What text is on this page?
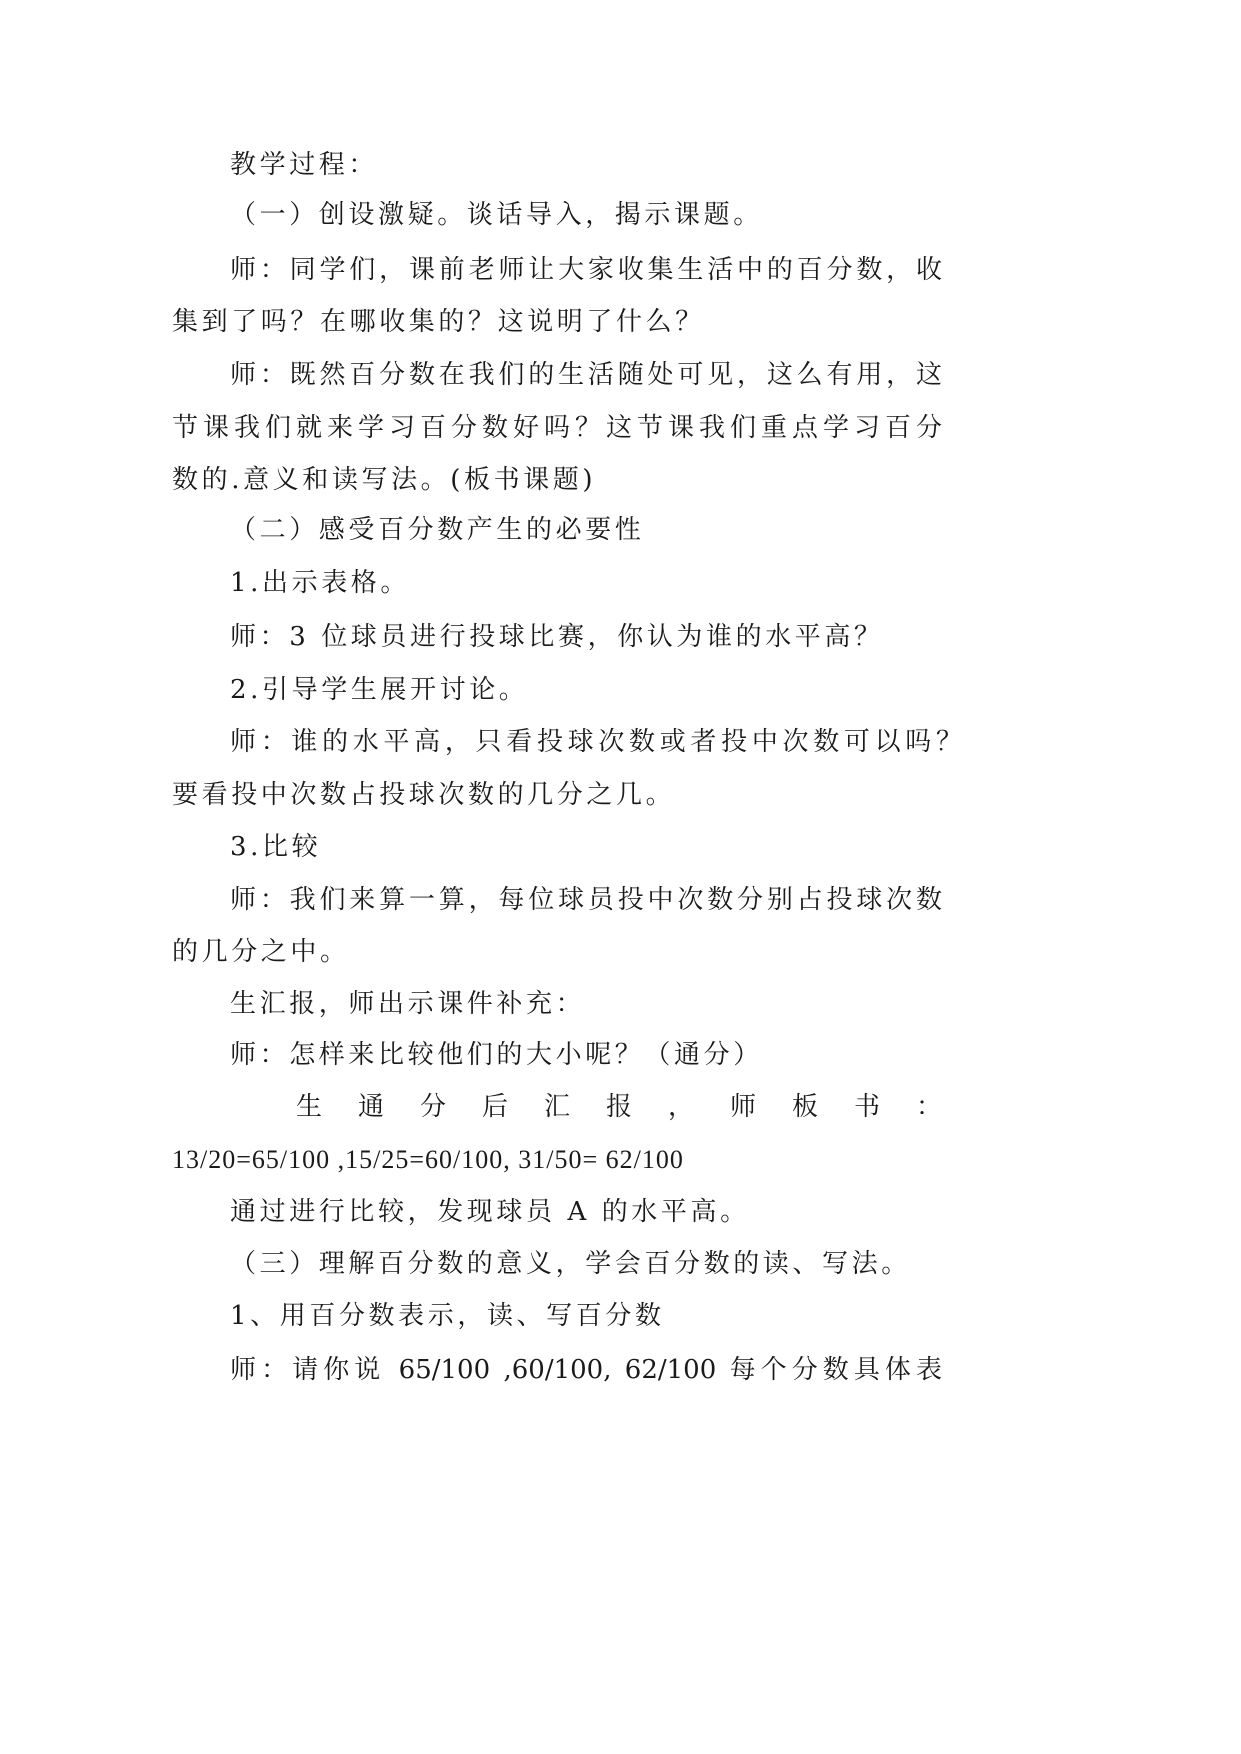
教学过程：
（一）创设激疑。谈话导入，揭示课题。
师：同学们，课前老师让大家收集生活中的百分数，收
集到了吗？在哪收集的？这说明了什么？
师：既然百分数在我们的生活随处可见，这么有用，这
节课我们就来学习百分数好吗？这节课我们重点学习百分
数的.意义和读写法。(板书课题)
（二）感受百分数产生的必要性
1.出示表格。
师：3 位球员进行投球比赛，你认为谁的水平高？
2.引导学生展开讨论。
师：谁的水平高，只看投球次数或者投中次数可以吗？
要看投中次数占投球次数的几分之几。
3.比较
师：我们来算一算，每位球员投中次数分别占投球次数
的几分之中。
生汇报，师出示课件补充：
师：怎样来比较他们的大小呢？（通分）
生 通 分 后 汇 报 ， 师 板 书 ：
13/20=65/100 ,15/25=60/100, 31/50= 62/100
通过进行比较，发现球员 A 的水平高。
（三）理解百分数的意义，学会百分数的读、写法。
1、用百分数表示，读、写百分数
师：请你说 65/100 ,60/100, 62/100 每个分数具体表
